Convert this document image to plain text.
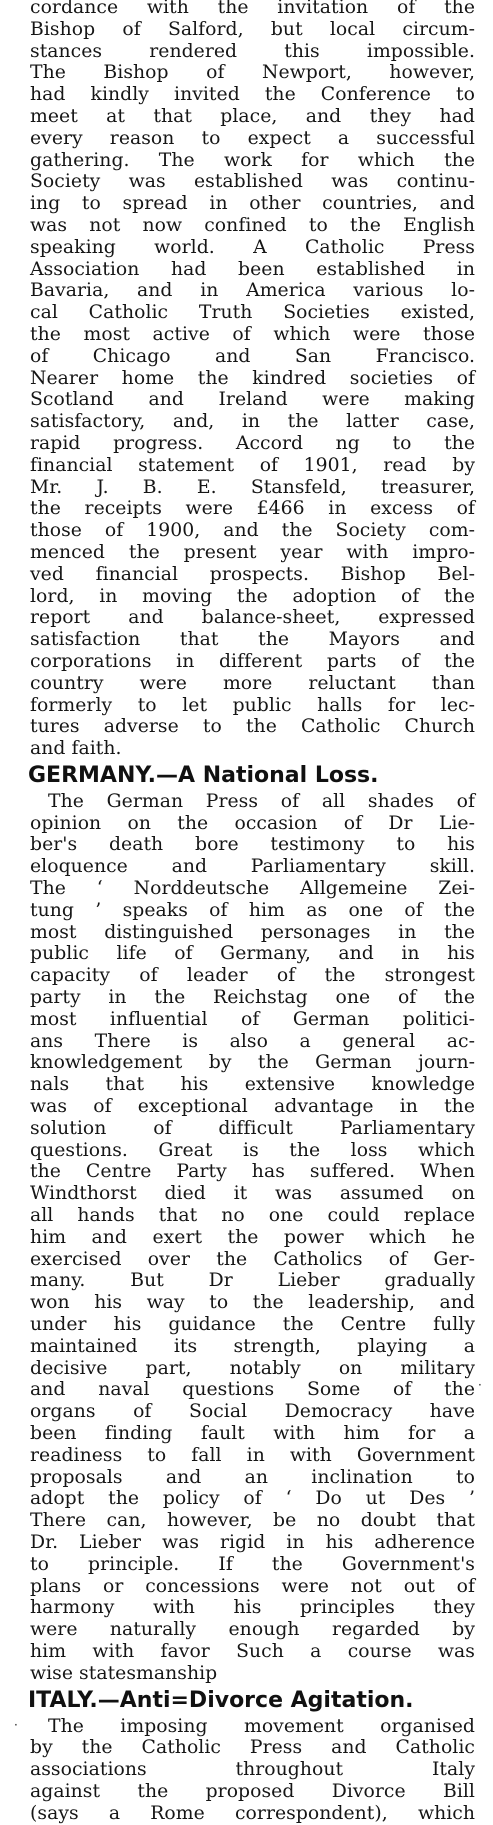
cordance with the invitation of the
Bishop of Salford, but local circum-
stances rendered this impossible.
The Bishop of Newport, however,
had kindly invited the Conference to
meet at that place, and they had
every reason to expect a successful
gathering. The work for which the
Society was established was continu-
ing to spread in other countries, and
was not now confined to the English
speaking world. A Catholic Press
Association had been established in
Bavaria, and in America various lo-
cal Catholic Truth Societies existed,
the most active of which were those
of Chicago and San Francisco.
Nearer home the kindred societies of
Scotland and Ireland were making
satisfactory, and, in the latter case,
rapid progress. Accord ng to the
financial statement of 1901, read by
Mr. J. B. E. Stansfeld, treasurer,
the receipts were £466 in excess of
those of 1900, and the Society com-
menced the present year with impro-
ved financial prospects. Bishop Bel-
lord, in moving the adoption of the
report and balance-sheet, expressed
satisfaction that the Mayors and
corporations in different parts of the
country were more reluctant than
formerly to let public halls for lec-
tures adverse to the Catholic Church
and faith.
GERMANY.—A National Loss.
The German Press of all shades of
opinion on the occasion of Dr Lie-
ber's death bore testimony to his
eloquence and Parliamentary skill.
The ‘ Norddeutsche Allgemeine Zei-
tung ’ speaks of him as one of the
most distinguished personages in the
public life of Germany, and in his
capacity of leader of the strongest
party in the Reichstag one of the
most influential of German politici-
ans There is also a general ac-
knowledgement by the German journ-
nals that his extensive knowledge
was of exceptional advantage in the
solution of difficult Parliamentary
questions. Great is the loss which
the Centre Party has suffered. When
Windthorst died it was assumed on
all hands that no one could replace
him and exert the power which he
exercised over the Catholics of Ger-
many. But Dr Lieber gradually
won his way to the leadership, and
under his guidance the Centre fully
maintained its strength, playing a
decisive part, notably on military
and naval questions Some of the
organs of Social Democracy have
been finding fault with him for a
readiness to fall in with Government
proposals and an inclination to
adopt the policy of ‘ Do ut Des ’
There can, however, be no doubt that
Dr. Lieber was rigid in his adherence
to principle. If the Government's
plans or concessions were not out of
harmony with his principles they
were naturally enough regarded by
him with favor Such a course was
wise statesmanship
ITALY.—Anti=Divorce Agitation.
The imposing movement organised
by the Catholic Press and Catholic
associations throughout Italy
against the proposed Divorce Bill
(says a Rome correspondent), which
·
·
